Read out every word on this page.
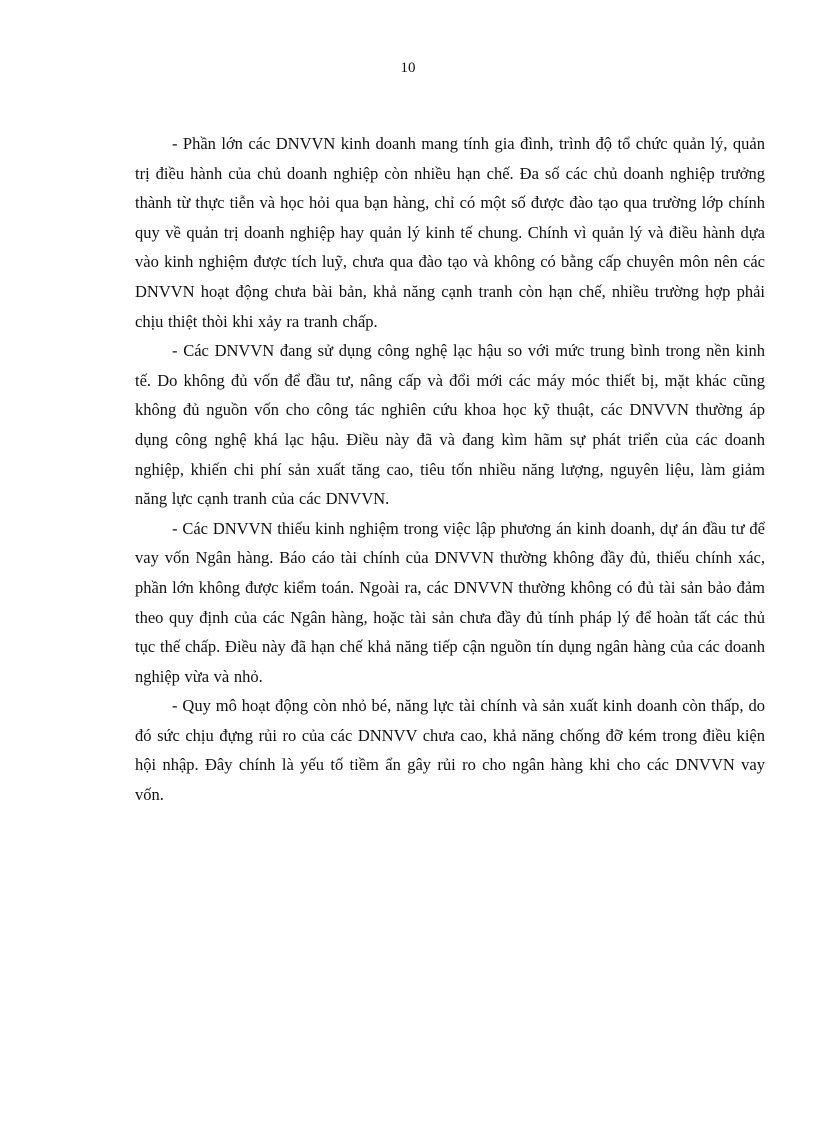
10

- Phần lớn các DNVVN kinh doanh mang tính gia đình, trình độ tổ chức quản lý, quản trị điều hành của chủ doanh nghiệp còn nhiều hạn chế. Đa số các chủ doanh nghiệp trưởng thành từ thực tiễn và học hỏi qua bạn hàng, chỉ có một số được đào tạo qua trường lớp chính quy về quản trị doanh nghiệp hay quản lý kinh tế chung. Chính vì quản lý và điều hành dựa vào kinh nghiệm được tích luỹ, chưa qua đào tạo và không có bằng cấp chuyên môn nên các DNVVN hoạt động chưa bài bản, khả năng cạnh tranh còn hạn chế, nhiều trường hợp phải chịu thiệt thòi khi xảy ra tranh chấp.

- Các DNVVN đang sử dụng công nghệ lạc hậu so với mức trung bình trong nền kinh tế. Do không đủ vốn để đầu tư, nâng cấp và đổi mới các máy móc thiết bị, mặt khác cũng không đủ nguồn vốn cho công tác nghiên cứu khoa học kỹ thuật, các DNVVN thường áp dụng công nghệ khá lạc hậu. Điều này đã và đang kìm hãm sự phát triển của các doanh nghiệp, khiến chi phí sản xuất tăng cao, tiêu tốn nhiều năng lượng, nguyên liệu, làm giảm năng lực cạnh tranh của các DNVVN.

- Các DNVVN thiếu kinh nghiệm trong việc lập phương án kinh doanh, dự án đầu tư để vay vốn Ngân hàng. Báo cáo tài chính của DNVVN thường không đầy đủ, thiếu chính xác, phần lớn không được kiểm toán. Ngoài ra, các DNVVN thường không có đủ tài sản bảo đảm theo quy định của các Ngân hàng, hoặc tài sản chưa đầy đủ tính pháp lý để hoàn tất các thủ tục thế chấp. Điều này đã hạn chế khả năng tiếp cận nguồn tín dụng ngân hàng của các doanh nghiệp vừa và nhỏ.

- Quy mô hoạt động còn nhỏ bé, năng lực tài chính và sản xuất kinh doanh còn thấp, do đó sức chịu đựng rủi ro của các DNNVV chưa cao, khả năng chống đỡ kém trong điều kiện hội nhập. Đây chính là yếu tố tiềm ẩn gây rủi ro cho ngân hàng khi cho các DNVVN vay vốn.
